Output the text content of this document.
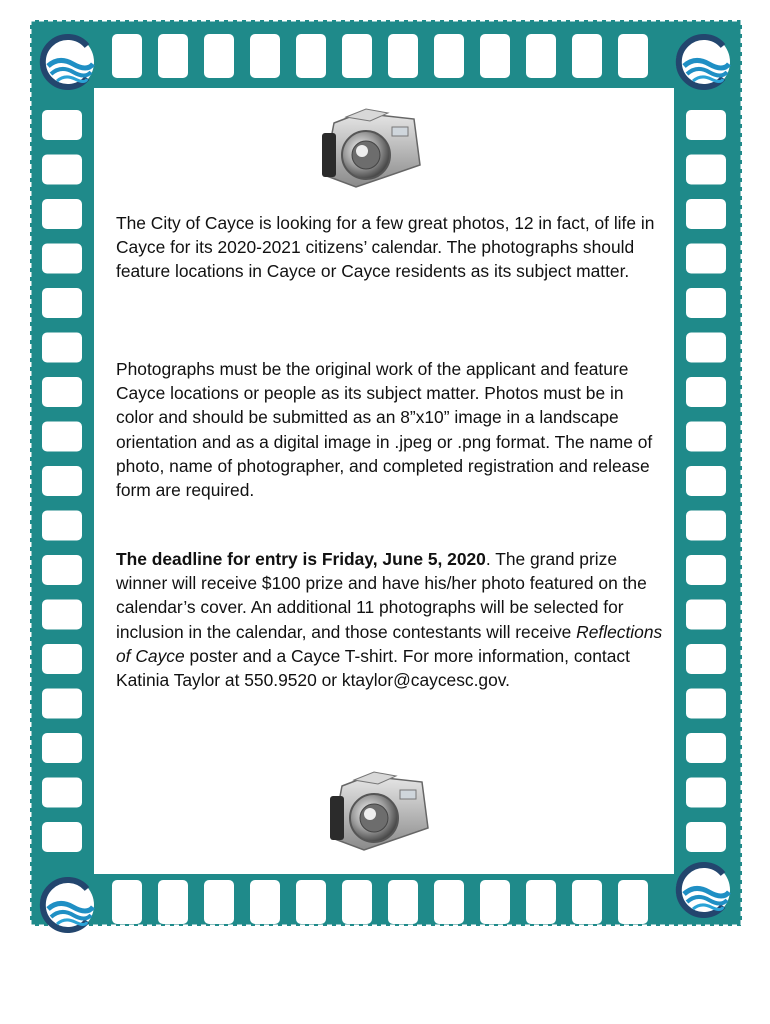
The City of Cayce is looking for a few great photos, 12 in fact, of life in Cayce for its 2020-2021 citizens’ calendar. The photographs should feature locations in Cayce or Cayce residents as its subject matter.

Photographs must be the original work of the applicant and feature Cayce locations or people as its subject matter. Photos must be in color and should be submitted as an 8”x10” image in a landscape orientation and as a digital image in .jpeg or .png format. The name of photo, name of photographer, and completed registration and release form are required.

The deadline for entry is Friday, June 5, 2020. The grand prize winner will receive $100 prize and have his/her photo featured on the calendar’s cover. An additional 11 photographs will be selected for inclusion in the calendar, and those contestants will receive Reflections of Cayce poster and a Cayce T-shirt. For more information, contact Katinia Taylor at 550.9520 or ktaylor@caycesc.gov.
